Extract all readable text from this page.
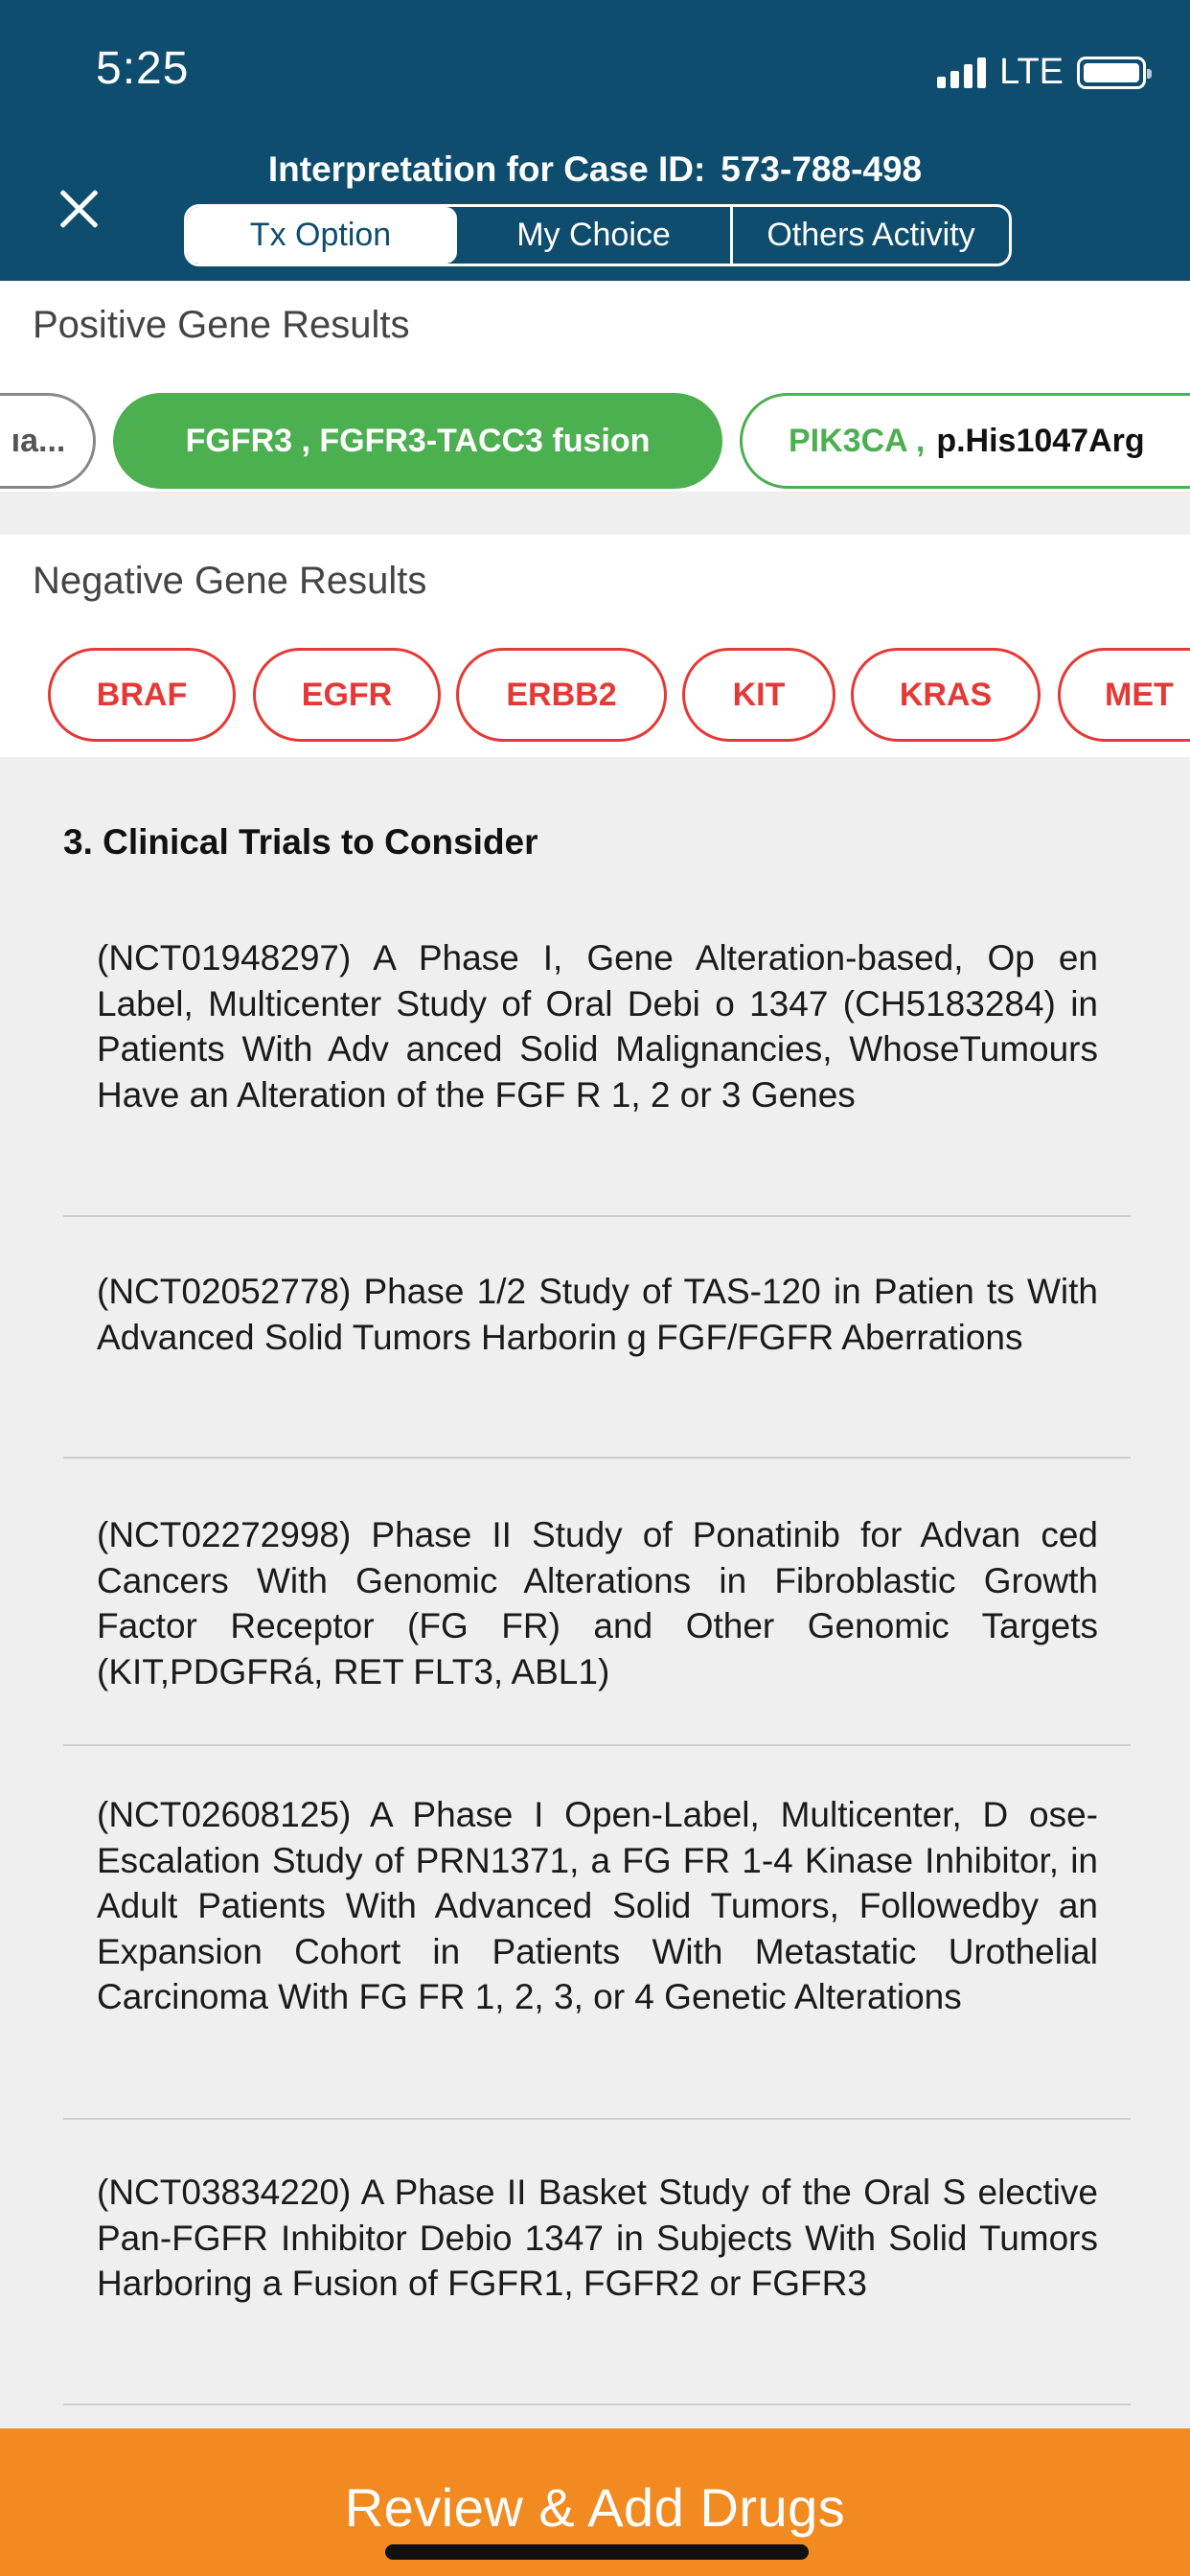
5:25	LTE
Interpretation for Case ID: 573-788-498
Tx Option	My Choice	Others Activity
Positive Gene Results
ıa...	FGFR3 , FGFR3-TACC3 fusion	PIK3CA , p.His1047Arg
Negative Gene Results
BRAF	EGFR	ERBB2	KIT	KRAS	MET
3. Clinical Trials to Consider
(NCT01948297) A Phase I, Gene Alteration-based, Op en Label, Multicenter Study of Oral Debi o 1347 (CH5183284) in Patients With Adv anced Solid Malignancies, WhoseTumours Have an Alteration of the FGF R 1, 2 or 3 Genes
(NCT02052778) Phase 1/2 Study of TAS-120 in Patien ts With Advanced Solid Tumors Harborin g FGF/FGFR Aberrations
(NCT02272998) Phase II Study of Ponatinib for Advan ced Cancers With Genomic Alterations in Fibroblastic Growth Factor Receptor (FG FR) and Other Genomic Targets (KIT,PDGFRá, RET FLT3, ABL1)
(NCT02608125) A Phase I Open-Label, Multicenter, D ose-Escalation Study of PRN1371, a FG FR 1-4 Kinase Inhibitor, in Adult Patients With Advanced Solid Tumors, Followedby an Expansion Cohort in Patients With Metastatic Urothelial Carcinoma With FG FR 1, 2, 3, or 4 Genetic Alterations
(NCT03834220) A Phase II Basket Study of the Oral S elective Pan-FGFR Inhibitor Debio 1347 in Subjects With Solid Tumors Harboring a Fusion of FGFR1, FGFR2 or FGFR3
Review & Add Drugs
